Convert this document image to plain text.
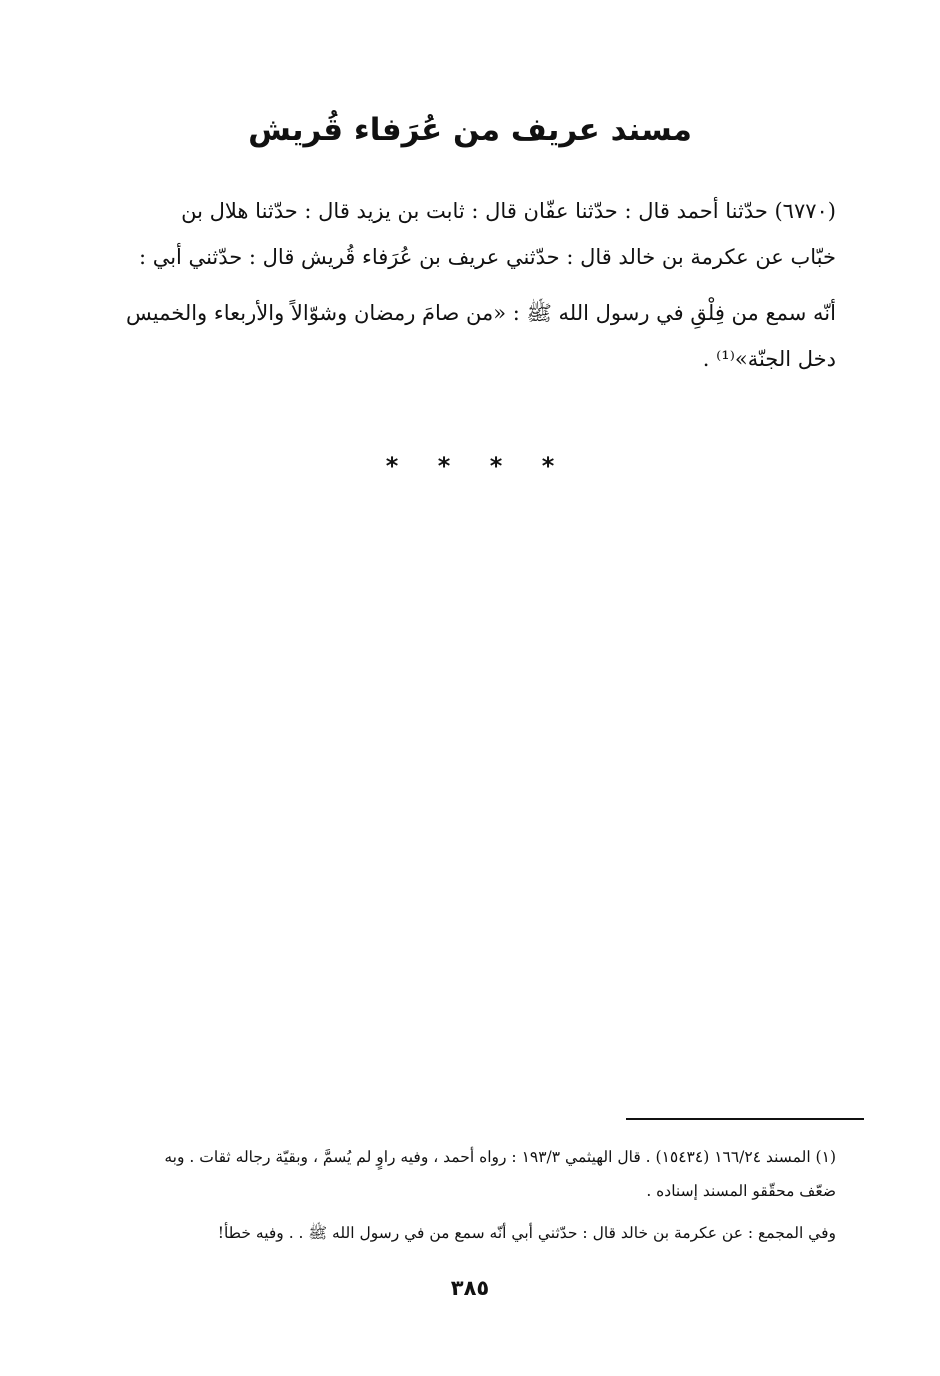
مسند عريف من عُرَفاء قُريش
(٦٧٧٠) حدّثنا أحمد قال : حدّثنا عفّان قال : ثابت بن يزيد قال : حدّثنا هلال بن
خبّاب عن عكرمة بن خالد قال : حدّثني عريف بن عُرَفاء قُريش قال : حدّثني أبي :
أنّه سمع من فِلْقِ في رسول الله ﷺ : «من صامَ رمضان وشوّالاً والأربعاء والخميس
دخل الجنّة»⁽¹⁾ .
* * * *
(١) المسند ١٦٦/٢٤ (١٥٤٣٤) . قال الهيثمي ١٩٣/٣ : رواه أحمد ، وفيه راوٍ لم يُسمَّ ، وبقيّة رجاله ثقات . وبه
ضعّف محقّقو المسند إسناده .
وفي المجمع : عن عكرمة بن خالد قال : حدّثني أبي أنّه سمع من في رسول الله ﷺ . . وفيه خطأ!
٣٨٥
